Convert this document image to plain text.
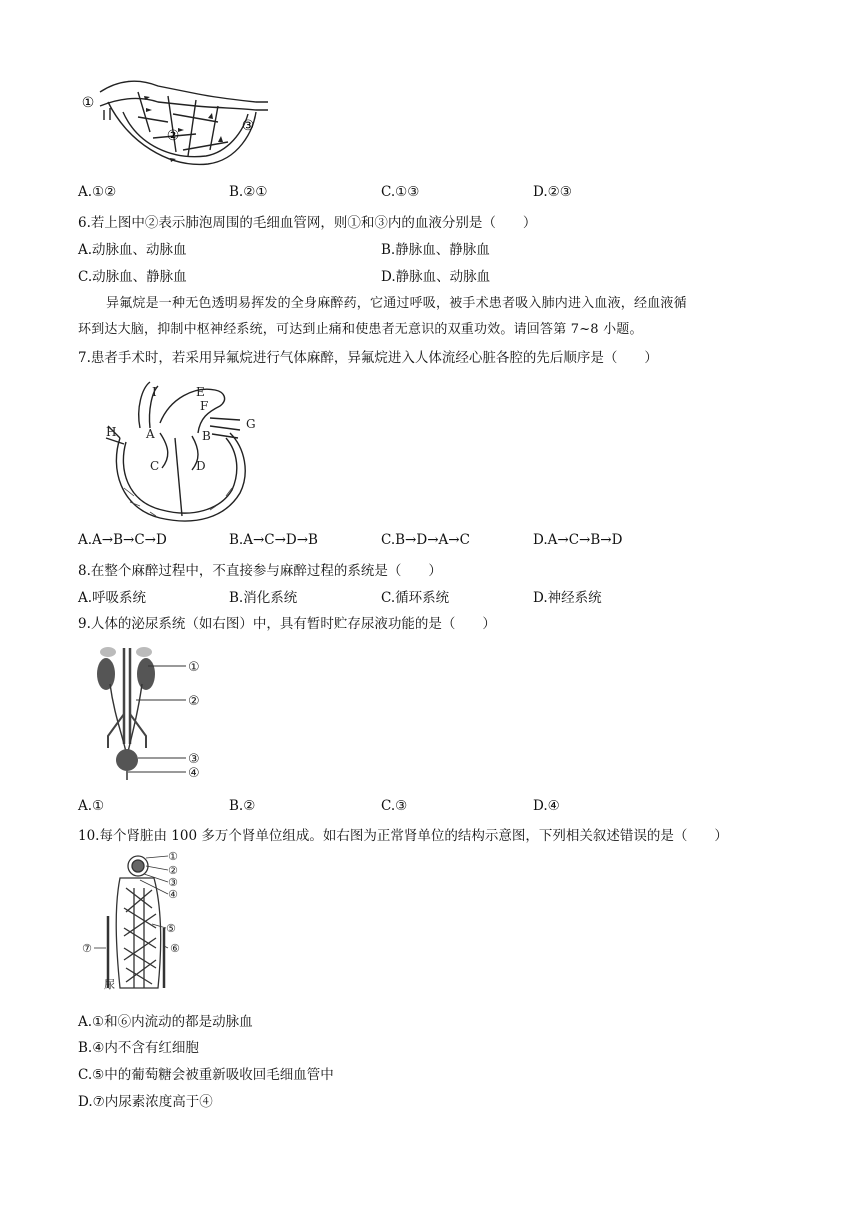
①
②
③
A.①②	B.②①	C.①③	D.②③
6.若上图中②表示肺泡周围的毛细血管网，则①和③内的血液分别是（　　）
A.动脉血、动脉血	B.静脉血、静脉血
C.动脉血、静脉血	D.静脉血、动脉血
异氟烷是一种无色透明易挥发的全身麻醉药，它通过呼吸，被手术患者吸入肺内进入血液，经血液循
环到达大脑，抑制中枢神经系统，可达到止痛和使患者无意识的双重功效。请回答第 7~8 小题。
7.患者手术时，若采用异氟烷进行气体麻醉，异氟烷进入人体流经心脏各腔的先后顺序是（　　）
I	E
F
G
H A	B
C	D
A.A→B→C→D	B.A→C→D→B	C.B→D→A→C	D.A→C→B→D
8.在整个麻醉过程中，不直接参与麻醉过程的系统是（　　）
A.呼吸系统	B.消化系统	C.循环系统	D.神经系统
9.人体的泌尿系统（如右图）中，具有暂时贮存尿液功能的是（　　）
①
②
③
④
A.①	B.②	C.③	D.④
10.每个肾脏由 100 多万个肾单位组成。如右图为正常肾单位的结构示意图，下列相关叙述错误的是（　　）
①
②
③
④
⑤
⑥
⑦
尿
A.①和⑥内流动的都是动脉血
B.④内不含有红细胞
C.⑤中的葡萄糖会被重新吸收回毛细血管中
D.⑦内尿素浓度高于④
